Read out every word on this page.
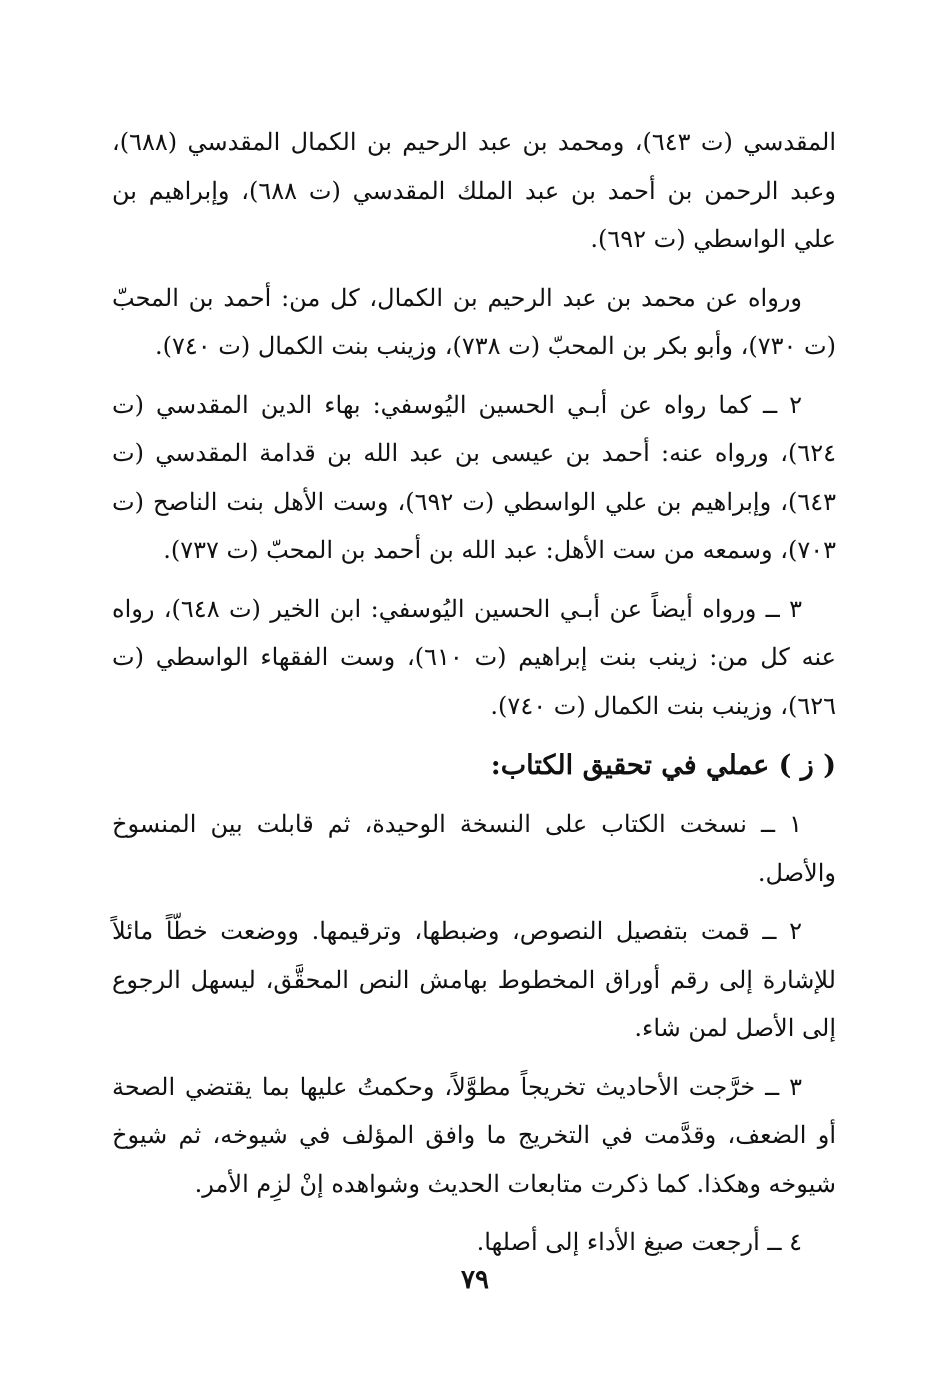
المقدسي (ت ٦٤٣)، ومحمد بن عبد الرحيم بن الكمال المقدسي (٦٨٨)، وعبد الرحمن بن أحمد بن عبد الملك المقدسي (ت ٦٨٨)، وإبراهيم بن علي الواسطي (ت ٦٩٢).

ورواه عن محمد بن عبد الرحيم بن الكمال، كل من: أحمد بن المحبّ (ت ٧٣٠)، وأبو بكر بن المحبّ (ت ٧٣٨)، وزينب بنت الكمال (ت ٧٤٠).

٢ ــ كما رواه عن أبـي الحسين اليُوسفي: بهاء الدين المقدسي (ت ٦٢٤)، ورواه عنه: أحمد بن عيسى بن عبد الله بن قدامة المقدسي (ت ٦٤٣)، وإبراهيم بن علي الواسطي (ت ٦٩٢)، وست الأهل بنت الناصح (ت ٧٠٣)، وسمعه من ست الأهل: عبد الله بن أحمد بن المحبّ (ت ٧٣٧).

٣ ــ ورواه أيضاً عن أبـي الحسين اليُوسفي: ابن الخير (ت ٦٤٨)، رواه عنه كل من: زينب بنت إبراهيم (ت ٦١٠)، وست الفقهاء الواسطي (ت ٦٢٦)، وزينب بنت الكمال (ت ٧٤٠).

( ز ) عملي في تحقيق الكتاب:

١ ــ نسخت الكتاب على النسخة الوحيدة، ثم قابلت بين المنسوخ والأصل.

٢ ــ قمت بتفصيل النصوص، وضبطها، وترقيمها. ووضعت خطّاً مائلاً للإشارة إلى رقم أوراق المخطوط بهامش النص المحقَّق، ليسهل الرجوع إلى الأصل لمن شاء.

٣ ــ خرَّجت الأحاديث تخريجاً مطوَّلاً، وحكمتُ عليها بما يقتضي الصحة أو الضعف، وقدَّمت في التخريج ما وافق المؤلف في شيوخه، ثم شيوخ شيوخه وهكذا. كما ذكرت متابعات الحديث وشواهده إنْ لزِم الأمر.

٤ ــ أرجعت صيغ الأداء إلى أصلها.

٧٩
